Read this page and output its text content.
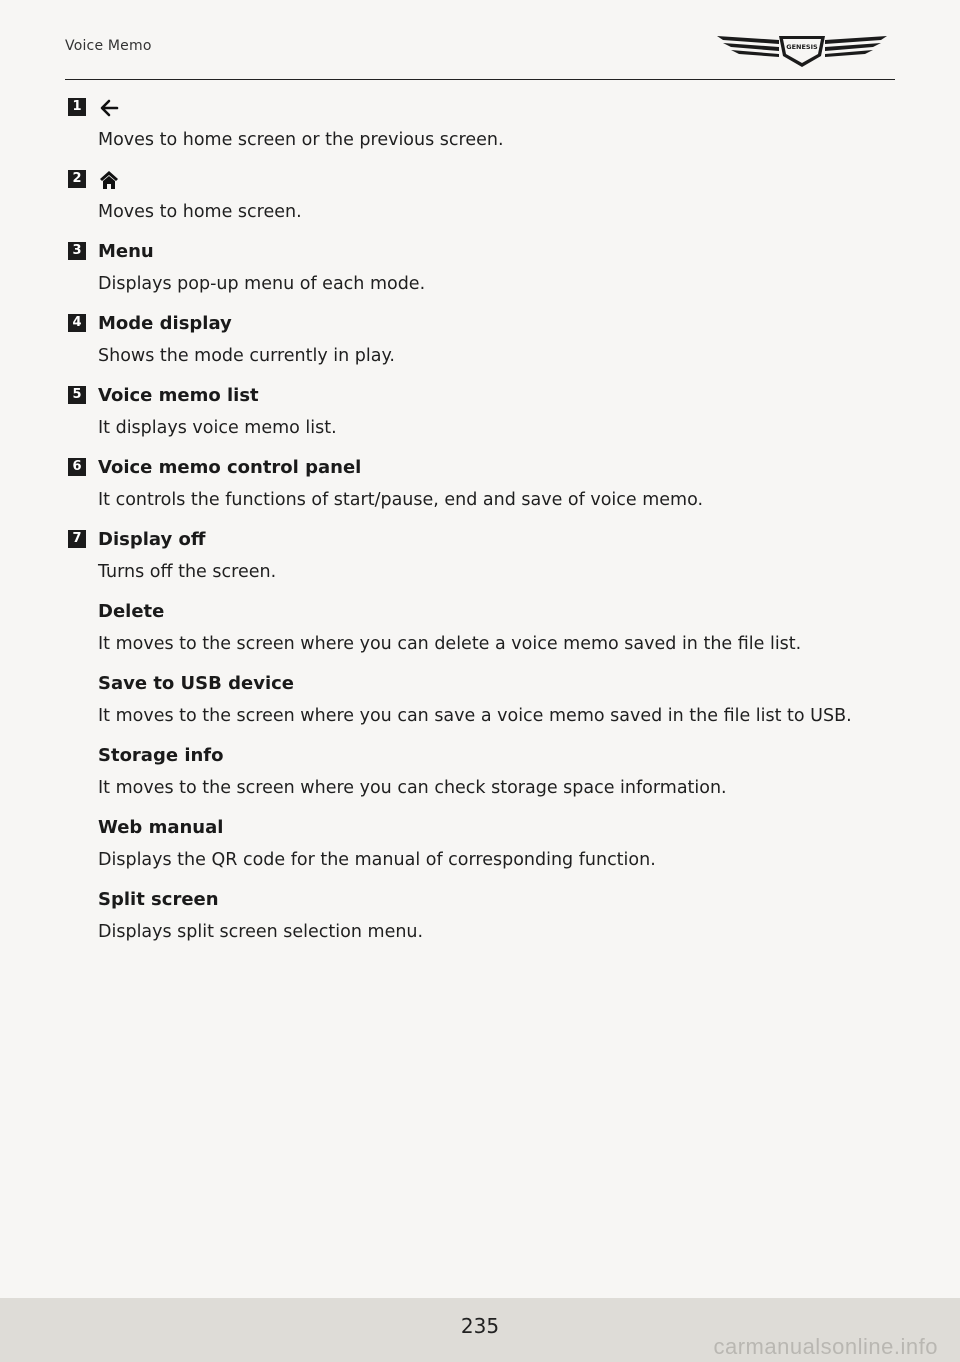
Voice Memo	GENESIS
1
Moves to home screen or the previous screen.
2
Moves to home screen.
3 Menu
Displays pop-up menu of each mode.
4 Mode display
Shows the mode currently in play.
5 Voice memo list
It displays voice memo list.
6 Voice memo control panel
It controls the functions of start/pause, end and save of voice memo.
7 Display off
Turns off the screen.
Delete
It moves to the screen where you can delete a voice memo saved in the file list.
Save to USB device
It moves to the screen where you can save a voice memo saved in the file list to USB.
Storage info
It moves to the screen where you can check storage space information.
Web manual
Displays the QR code for the manual of corresponding function.
Split screen
Displays split screen selection menu.
235
carmanualsonline.info
